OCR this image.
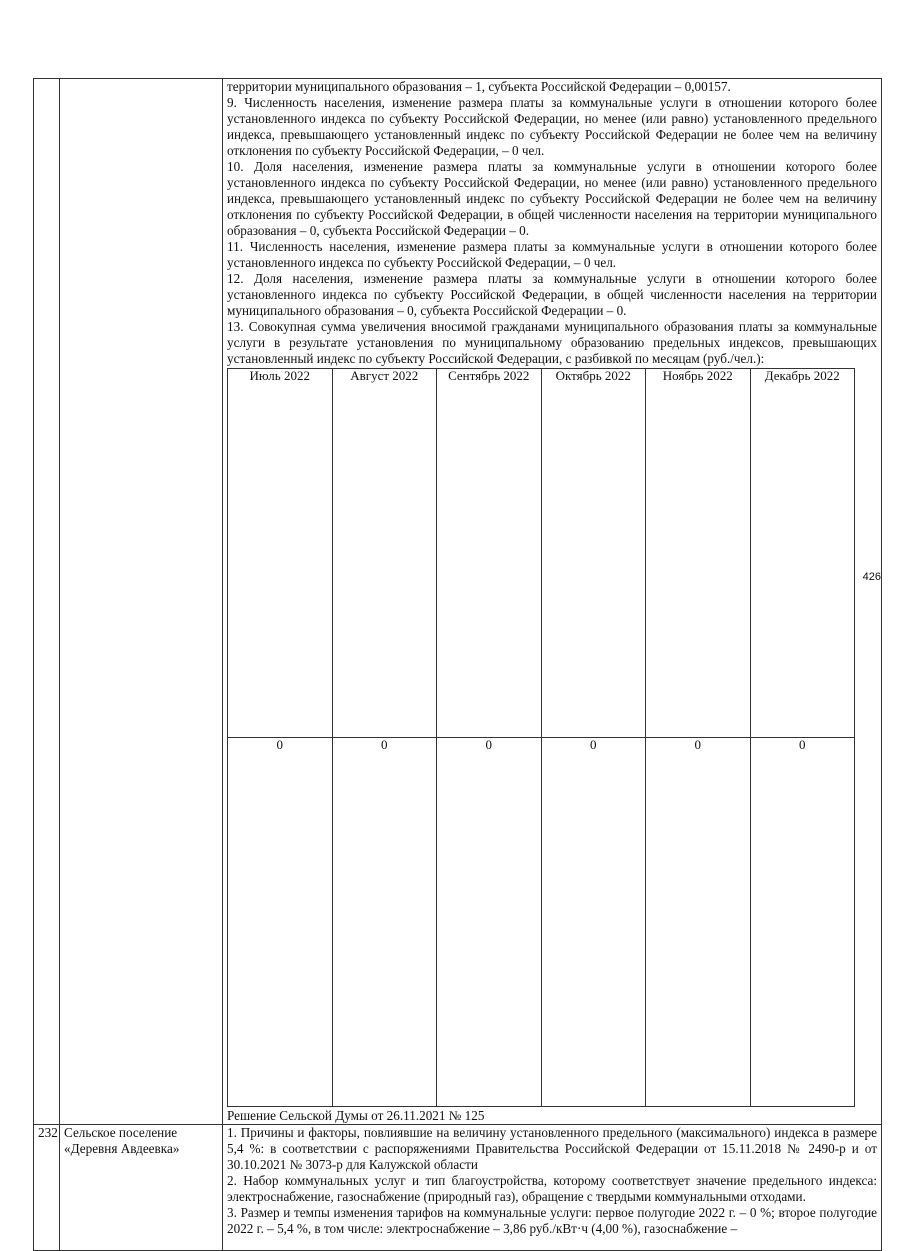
территории муниципального образования – 1, субъекта Российской Федерации – 0,00157.

9. Численность населения, изменение размера платы за коммунальные услуги в отношении которого более установленного индекса по субъекту Российской Федерации, но менее (или равно) установленного предельного индекса, превышающего установленный индекс по субъекту Российской Федерации не более чем на величину отклонения по субъекту Российской Федерации, – 0 чел.

10. Доля населения, изменение размера платы за коммунальные услуги в отношении которого более установленного индекса по субъекту Российской Федерации, но менее (или равно) установленного предельного индекса, превышающего установленный индекс по субъекту Российской Федерации не более чем на величину отклонения по субъекту Российской Федерации, в общей численности населения на территории муниципального образования – 0, субъекта Российской Федерации – 0.

11. Численность населения, изменение размера платы за коммунальные услуги в отношении которого более установленного индекса по субъекту Российской Федерации, – 0 чел.

12. Доля населения, изменение размера платы за коммунальные услуги в отношении которого более установленного индекса по субъекту Российской Федерации, в общей численности населения на территории муниципального образования – 0, субъекта Российской Федерации – 0.

13. Совокупная сумма увеличения вносимой гражданами муниципального образования платы за коммунальные услуги в результате установления по муниципальному образованию предельных индексов, превышающих установленный индекс по субъекту Российской Федерации, с разбивкой по месяцам (руб./чел.):

Июль 2022	Август 2022	Сентябрь 2022	Октябрь 2022	Ноябрь 2022	Декабрь 2022
0	0	0	0	0	0

Решение Сельской Думы от 26.11.2021 № 125

232	Сельское поселение «Деревня Авдеевка»	

1. Причины и факторы, повлиявшие на величину установленного предельного (максимального) индекса в размере 5,4 %: в соответствии с распоряжениями Правительства Российской Федерации от 15.11.2018 № 2490-р и от 30.10.2021 № 3073-р для Калужской области

2. Набор коммунальных услуг и тип благоустройства, которому соответствует значение предельного индекса: электроснабжение, газоснабжение (природный газ), обращение с твердыми коммунальными отходами.

3. Размер и темпы изменения тарифов на коммунальные услуги: первое полугодие 2022 г. – 0 %; второе полугодие 2022 г. – 5,4 %, в том числе: электроснабжение – 3,86 руб./кВт·ч (4,00 %), газоснабжение –

426
